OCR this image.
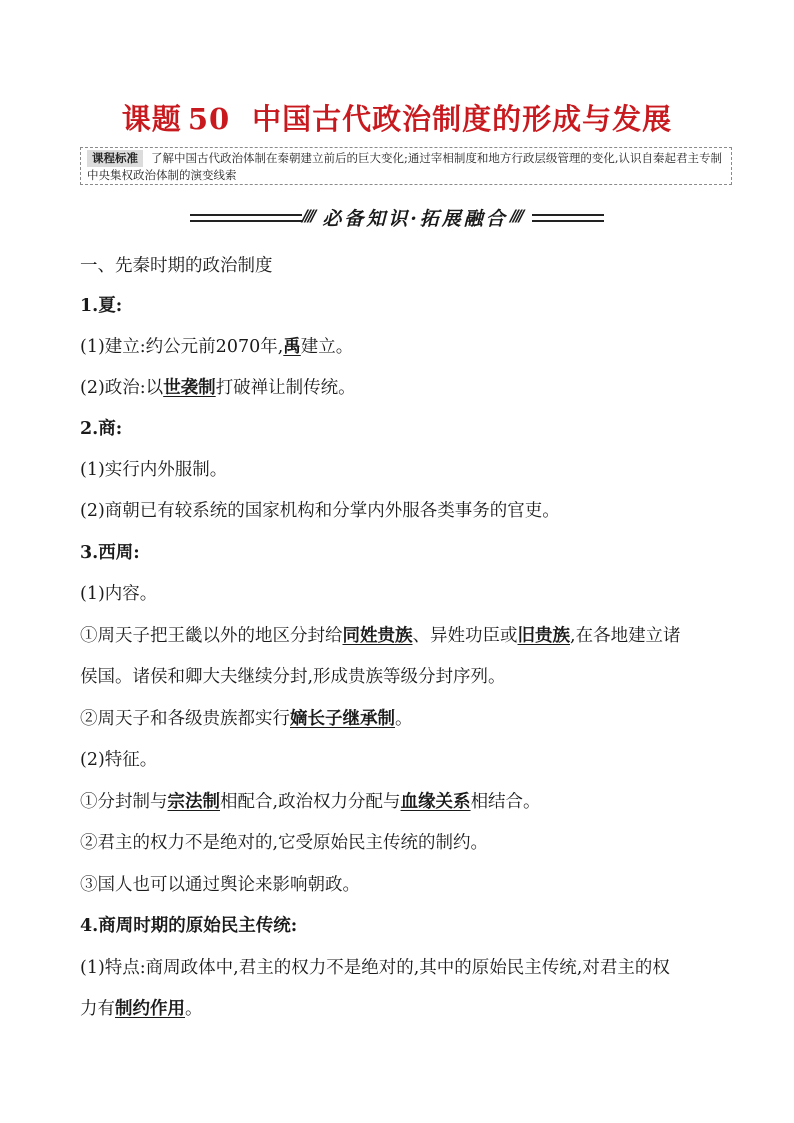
课题 50 中国古代政治制度的形成与发展
课程标准 了解中国古代政治体制在秦朝建立前后的巨大变化;通过宰相制度和地方行政层级管理的变化,认识自秦起君主专制中央集权政治体制的演变线索
//// 必备知识·拓展融合 ////
一、先秦时期的政治制度
1.夏:
(1)建立:约公元前2070年,禹建立。
(2)政治:以世袭制打破禅让制传统。
2.商:
(1)实行内外服制。
(2)商朝已有较系统的国家机构和分掌内外服各类事务的官吏。
3.西周:
(1)内容。
①周天子把王畿以外的地区分封给同姓贵族、异姓功臣或旧贵族,在各地建立诸
侯国。诸侯和卿大夫继续分封,形成贵族等级分封序列。
②周天子和各级贵族都实行嫡长子继承制。
(2)特征。
①分封制与宗法制相配合,政治权力分配与血缘关系相结合。
②君主的权力不是绝对的,它受原始民主传统的制约。
③国人也可以通过舆论来影响朝政。
4.商周时期的原始民主传统:
(1)特点:商周政体中,君主的权力不是绝对的,其中的原始民主传统,对君主的权
力有制约作用。
